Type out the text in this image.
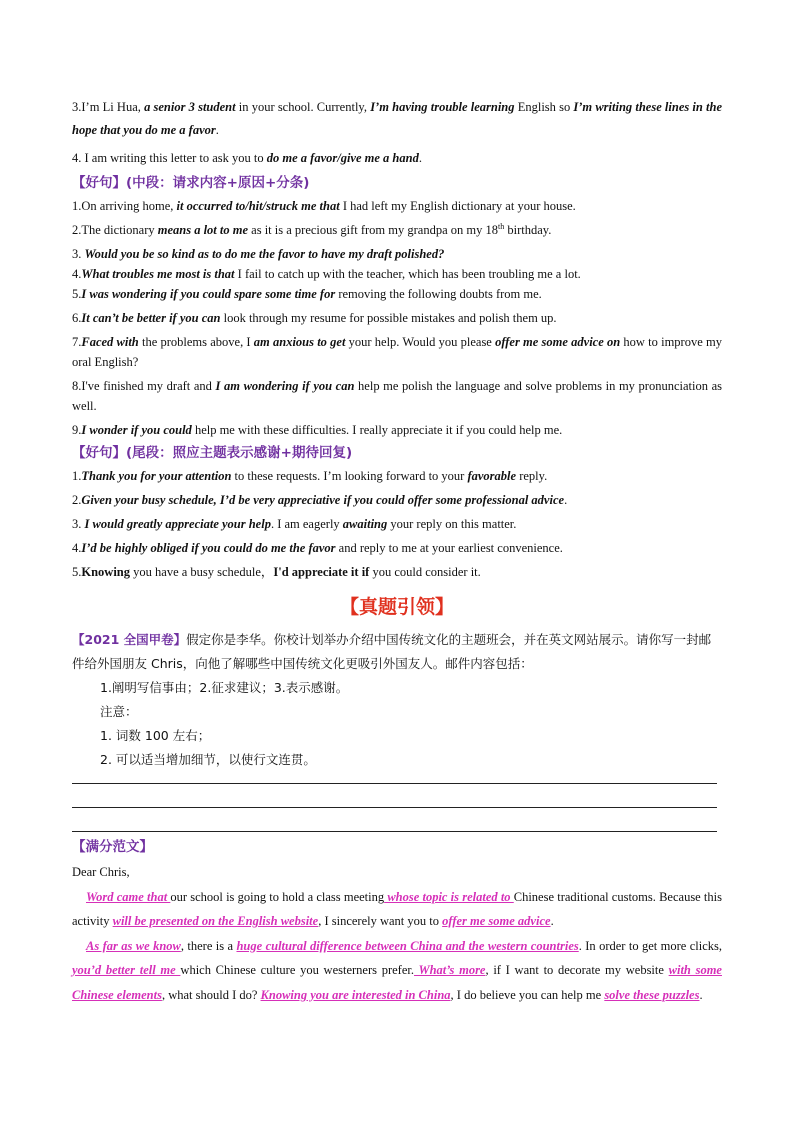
3.I’m Li Hua, a senior 3 student in your school. Currently, I’m having trouble learning English so I’m writing these lines in the hope that you do me a favor.

4. I am writing this letter to ask you to do me a favor/give me a hand.

【好句】(中段：请求内容+原因+分条)

1.On arriving home, it occurred to/hit/struck me that I had left my English dictionary at your house.

2.The dictionary means a lot to me as it is a precious gift from my grandpa on my 18th birthday.

3. Would you be so kind as to do me the favor to have my draft polished?

4.What troubles me most is that I fail to catch up with the teacher, which has been troubling me a lot.

5.I was wondering if you could spare some time for removing the following doubts from me.

6.It can’t be better if you can look through my resume for possible mistakes and polish them up.

7.Faced with the problems above, I am anxious to get your help. Would you please offer me some advice on how to improve my oral English?

8.I've finished my draft and I am wondering if you can help me polish the language and solve problems in my pronunciation as well.

9.I wonder if you could help me with these difficulties. I really appreciate it if you could help me.

【好句】(尾段：照应主题表示感谢+期待回复)

1.Thank you for your attention to these requests. I’m looking forward to your favorable reply.

2.Given your busy schedule, I’d be very appreciative if you could offer some professional advice.

3. I would greatly appreciate your help. I am eagerly awaiting your reply on this matter.

4.I’d be highly obliged if you could do me the favor and reply to me at your earliest convenience.

5.Knowing you have a busy schedule，I'd appreciate it if you could consider it.

【真题引领】
【2021 全国甲卷】假定你是李华。你校计划举办介绍中国传统文化的主题班会，并在英文网站展示。请你写一封邮件给外国朋友 Chris，向他了解哪些中国传统文化更吸引外国友人。邮件内容包括：
1.阐明写信事由；2.征求建议；3.表示感谢。
注意：
1. 词数 100 左右；
2. 可以适当增加细节，以使行文连贯。
【满分范文】

Dear Chris,

Word came that our school is going to hold a class meeting whose topic is related to Chinese traditional customs. Because this activity will be presented on the English website, I sincerely want you to offer me some advice.

As far as we know, there is a huge cultural difference between China and the western countries. In order to get more clicks, you’d better tell me which Chinese culture you westerners prefer. What’s more, if I want to decorate my website with some Chinese elements, what should I do? Knowing you are interested in China, I do believe you can help me solve these puzzles.
